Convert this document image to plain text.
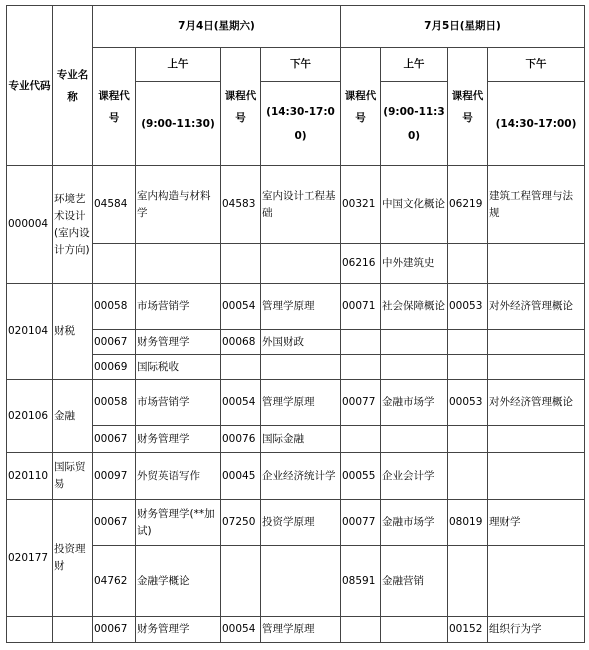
专业代码	专业名称	7月4日(星期六)				7月5日(星期日)			
		课程代号	上午	课程代号	下午	课程代号	上午	课程代号	下午
			(9:00-11:30)		(14:30-17:00)		(9:00-11:30)		(14:30-17:00)
000004	环境艺术设计(室内设计方向)	04584	室内构造与材料学	04583	室内设计工程基础	00321	中国文化概论	06219	建筑工程管理与法规
						06216	中外建筑史		
020104	财税	00058	市场营销学	00054	管理学原理	00071	社会保障概论	00053	对外经济管理概论
		00067	财务管理学	00068	外国财政				
		00069	国际税收						
020106	金融	00058	市场营销学	00054	管理学原理	00077	金融市场学	00053	对外经济管理概论
		00067	财务管理学	00076	国际金融				
020110	国际贸易	00097	外贸英语写作	00045	企业经济统计学	00055	企业会计学		
020177	投资理财	00067	财务管理学(**加试)	07250	投资学原理	00077	金融市场学	08019	理财学
		04762	金融学概论			08591	金融营销		
		00067	财务管理学	00054	管理学原理			00152	组织行为学
